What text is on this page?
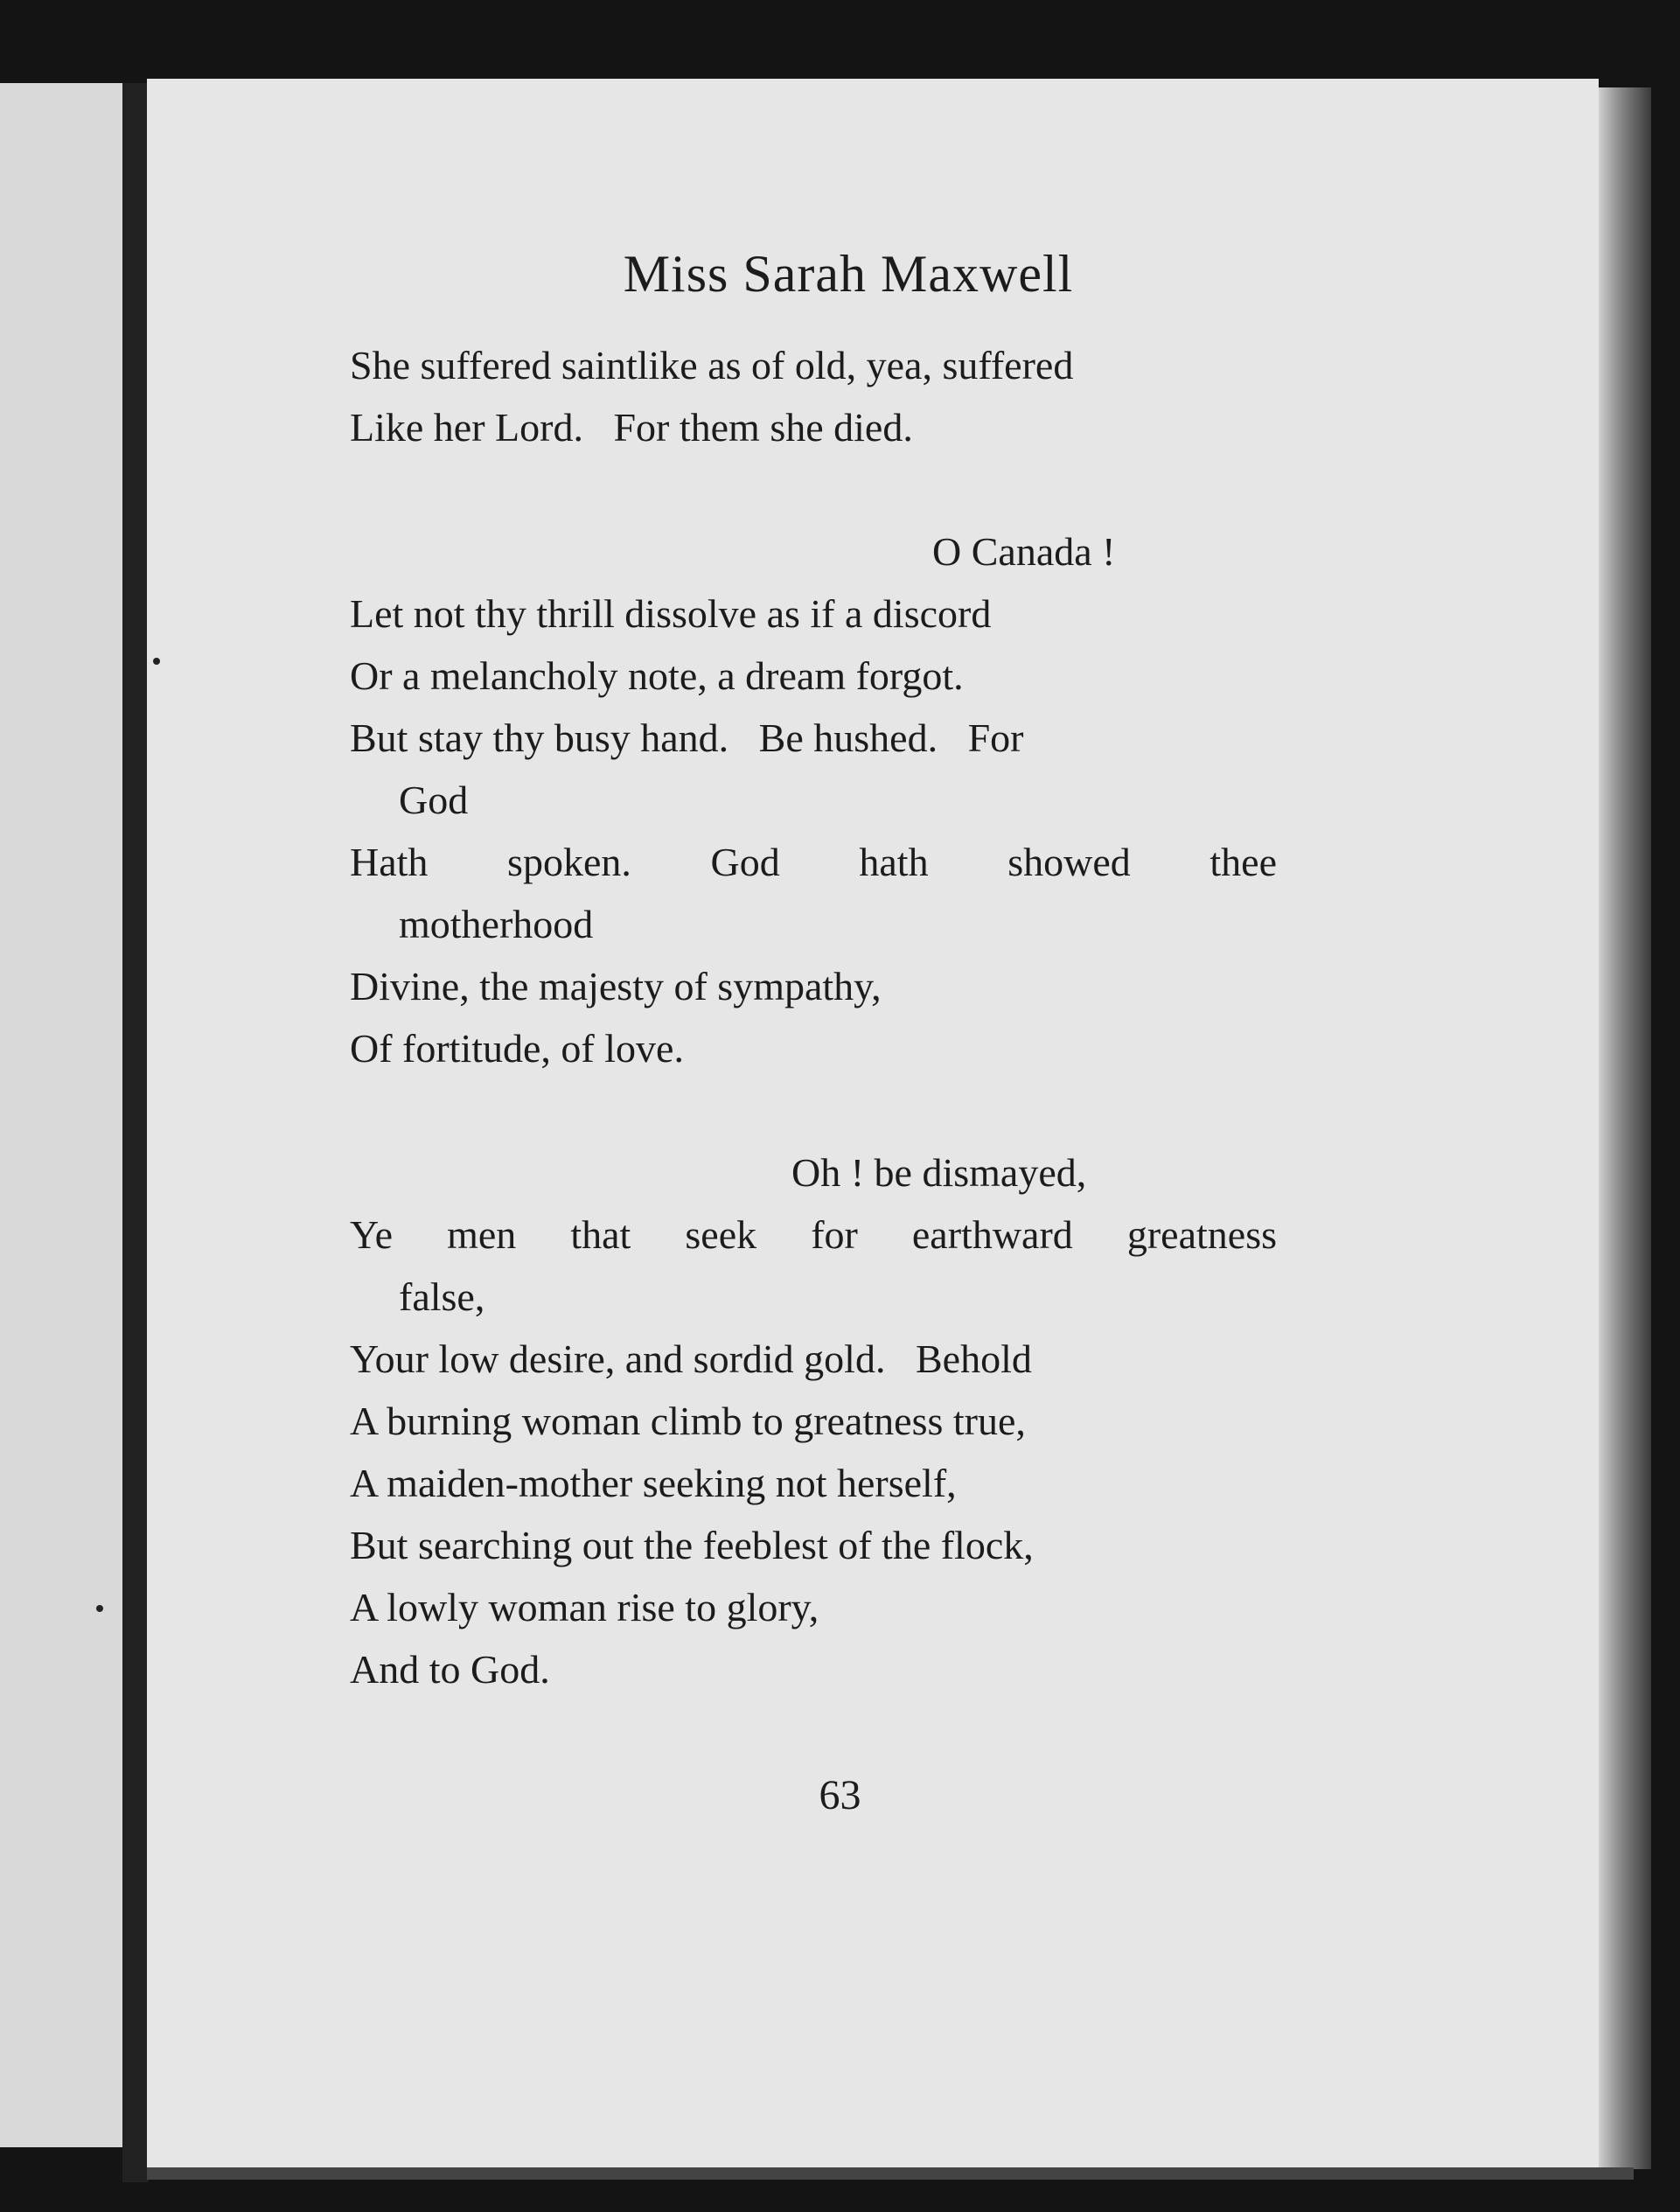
Miss Sarah Maxwell
She suffered saintlike as of old, yea, suffered
Like her Lord.   For them she died.
O Canada !
Let not thy thrill dissolve as if a discord
Or a melancholy note, a dream forgot.
But stay thy busy hand.   Be hushed.   For
God
Hath spoken. God hath showed thee
motherhood
Divine, the majesty of sympathy,
Of fortitude, of love.
Oh ! be dismayed,
Ye men that seek for earthward greatness
false,
Your low desire, and sordid gold.   Behold
A burning woman climb to greatness true,
A maiden-mother seeking not herself,
But searching out the feeblest of the flock,
A lowly woman rise to glory,
And to God.
63
